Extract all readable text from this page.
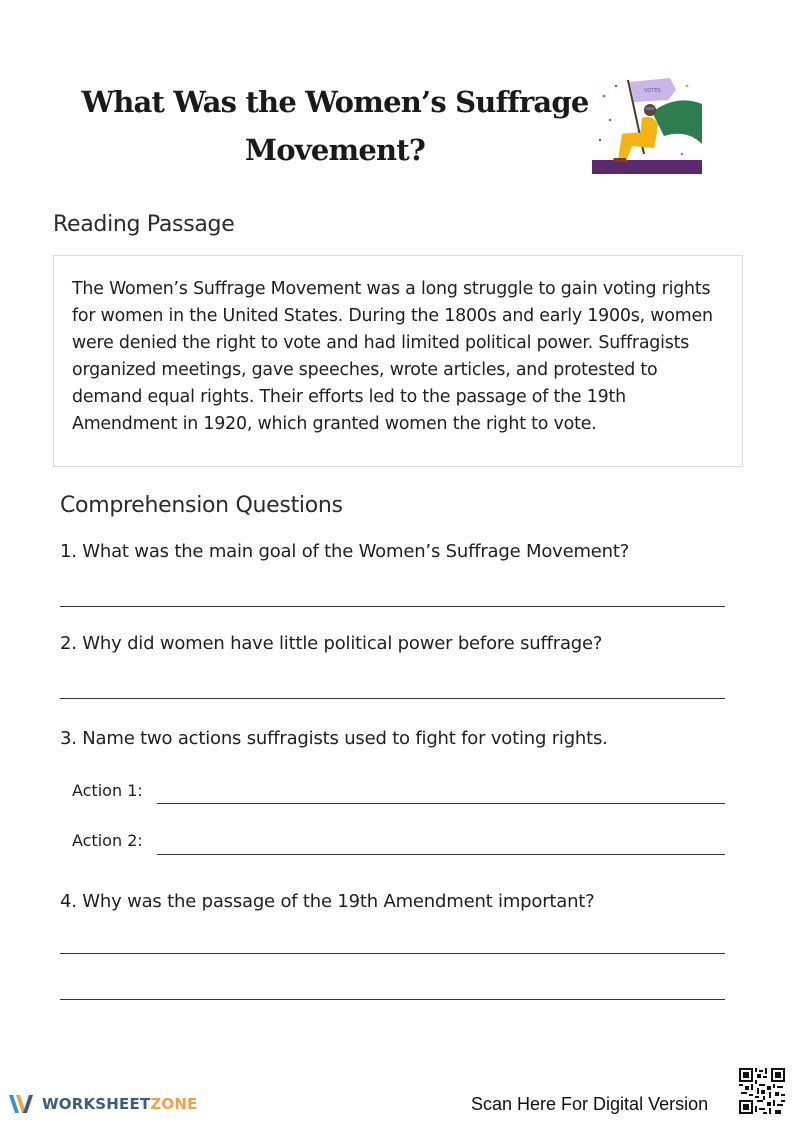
What Was the Women’s Suffrage
Movement?
VOTES
Reading Passage

The Women’s Suffrage Movement was a long struggle to gain voting rights for women in the United States. During the 1800s and early 1900s, women were denied the right to vote and had limited political power. Suffragists organized meetings, gave speeches, wrote articles, and protested to demand equal rights. Their efforts led to the passage of the 19th Amendment in 1920, which granted women the right to vote.

Comprehension Questions
1. What was the main goal of the Women’s Suffrage Movement?
2. Why did women have little political power before suffrage?
3. Name two actions suffragists used to fight for voting rights.
Action 1:
Action 2:
4. Why was the passage of the 19th Amendment important?
WORKSHEETZONE	Scan Here For Digital Version
